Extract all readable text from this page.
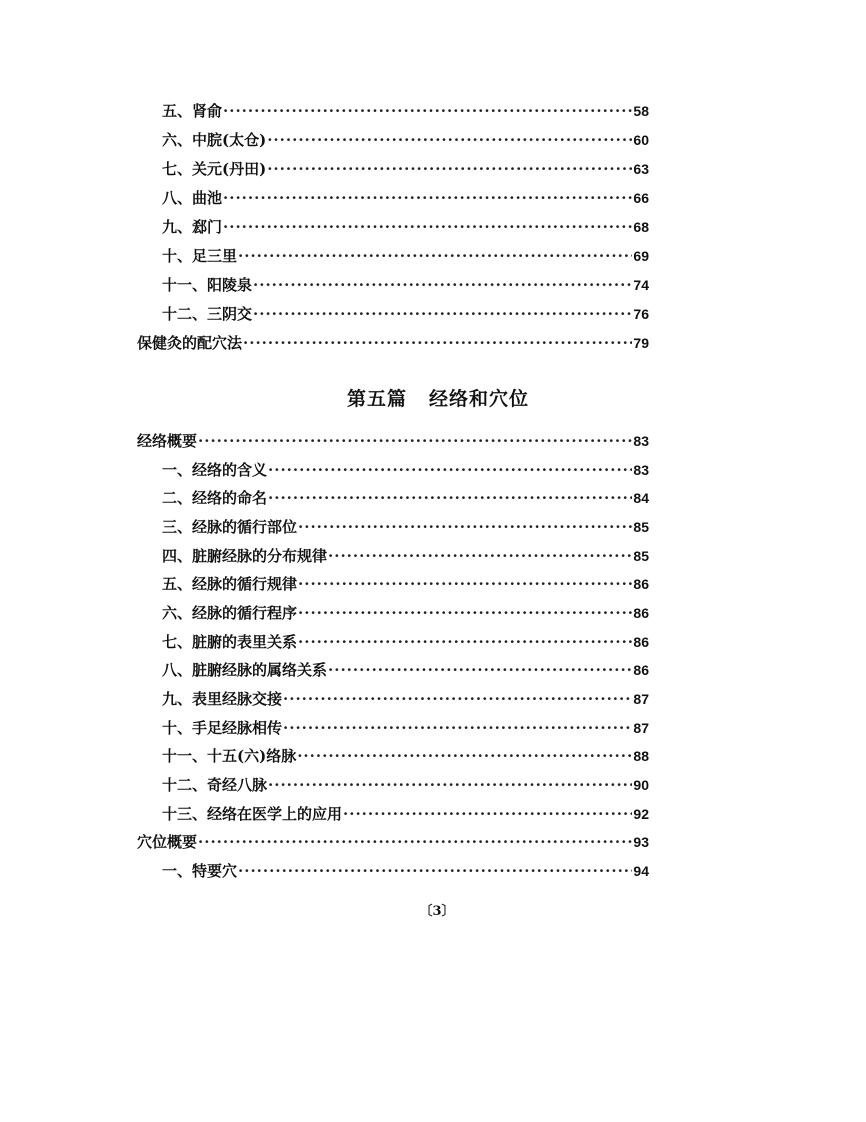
五、肾俞 ·····	58
六、中脘(太仓) ·····	60
七、关元(丹田) ·····	63
八、曲池 ·····	66
九、郄门 ·····	68
十、足三里 ·····	69
十一、阳陵泉 ·····	74
十二、三阴交 ·····	76
保健灸的配穴法 ·····	79
第五篇 经络和穴位
经络概要 ·····	83
一、经络的含义 ·····	83
二、经络的命名 ·····	84
三、经脉的循行部位 ·····	85
四、脏腑经脉的分布规律 ·····	85
五、经脉的循行规律 ·····	86
六、经脉的循行程序 ·····	86
七、脏腑的表里关系 ·····	86
八、脏腑经脉的属络关系 ·····	86
九、表里经脉交接 ·····	87
十、手足经脉相传 ·····	87
十一、十五(六)络脉 ·····	88
十二、奇经八脉 ·····	90
十三、经络在医学上的应用 ·····	92
穴位概要 ·····	93
一、特要穴 ·····	94
〔3〕
